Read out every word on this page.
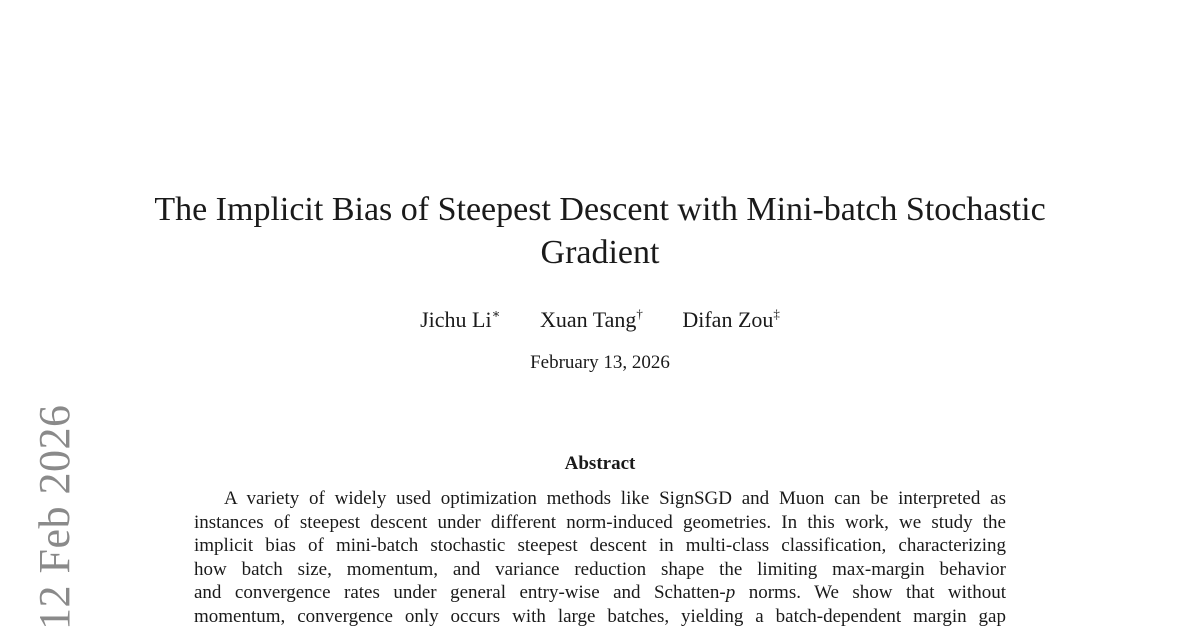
12 Feb 2026
The Implicit Bias of Steepest Descent with Mini-batch Stochastic
Gradient
Jichu Li∗ Xuan Tang† Difan Zou‡
February 13, 2026
Abstract
A variety of widely used optimization methods like SignSGD and Muon can be interpreted as
instances of steepest descent under different norm-induced geometries. In this work, we study the
implicit bias of mini-batch stochastic steepest descent in multi-class classification, characterizing
how batch size, momentum, and variance reduction shape the limiting max-margin behavior
and convergence rates under general entry-wise and Schatten-p norms. We show that without
momentum, convergence only occurs with large batches, yielding a batch-dependent margin gap
